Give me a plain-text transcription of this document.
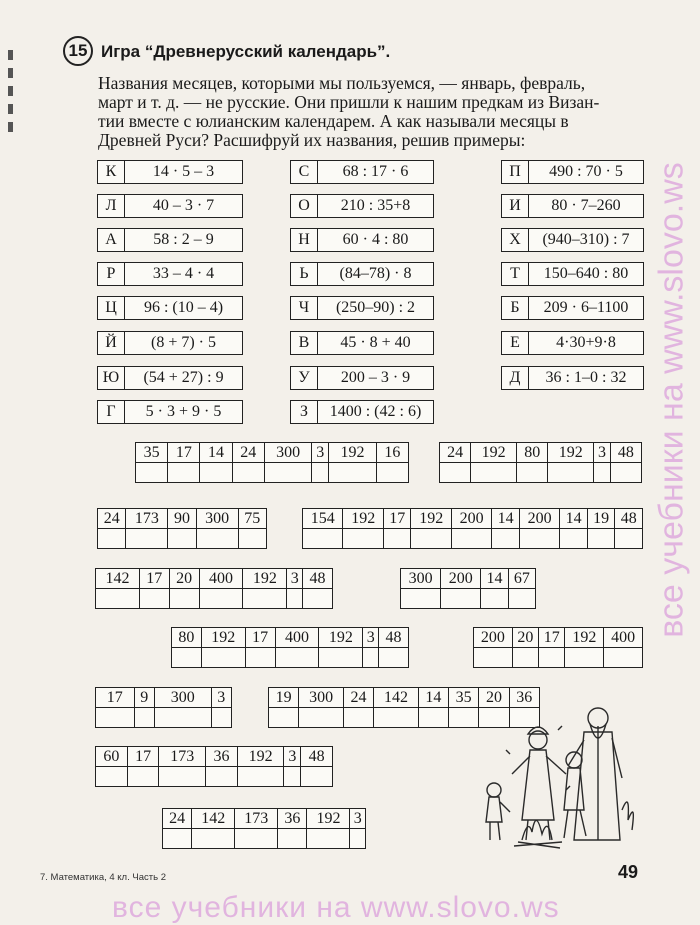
15 Игра “Древнерусский календарь”.

Названия месяцев, которыми мы пользуемся, — январь, февраль,
март и т. д. — не русские. Они пришли к нашим предкам из Визан-
тии вместе с юлианским календарем. А как называли месяцы в
Древней Руси? Расшифруй их названия, решив примеры:

К	14 · 5 – 3
Л	40 – 3 · 7
А	58 : 2 – 9
Р	33 – 4 · 4
Ц	96 : (10 – 4)
Й	(8 + 7) · 5
Ю	(54 + 27) : 9
Г	5 · 3 + 9 · 5
С	68 : 17 · 6
О	210 : 35+8
Н	60 · 4 : 80
Ь	(84–78) · 8
Ч	(250–90) : 2
В	45 · 8 + 40
У	200 – 3 · 9
З	1400 : (42 : 6)
П	490 : 70 · 5
И	80 · 7–260
Х	(940–310) : 7
Т	150–640 : 80
Б	209 · 6–1100
Е	4·30+9·8
Д	36 : 1–0 : 32
35	17	14	24	300	3	192	16
								24	192	80	192	3	48

24	173	90	300	75
					154	192	17	192	200	14	200	14	19	48

142	17	20	400	192	3	48
							300	200	14	67

80	192	17	400	192	3	48
							200	20	17	192	400

17	9	300	3
				19	300	24	142	14	35	20	36

60	17	173	36	192	3	48

24	142	173	36	192	3

7. Математика, 4 кл. Часть 2	49
все учебники на www.slovo.ws
все учебники на www.slovo.ws
